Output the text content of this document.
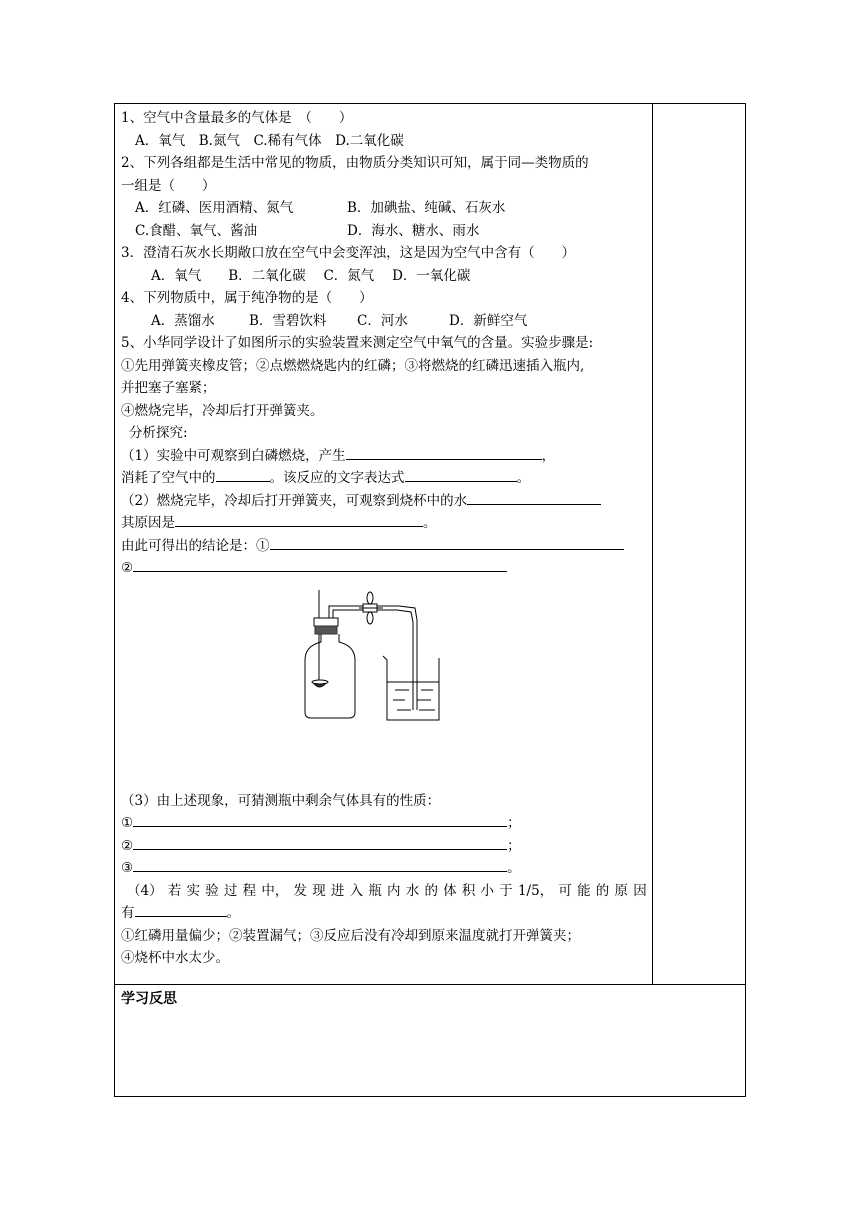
1、空气中含量最多的气体是　（　　）
A．氧气　B.氮气　C.稀有气体　D.二氧化碳
2、下列各组都是生活中常见的物质，由物质分类知识可知，属于同—类物质的
一组是（　　）
A．红磷、医用酒精、氮气	B．加碘盐、纯碱、石灰水
C.食醋、氧气、酱油	D．海水、糖水、雨水
3．澄清石灰水长期敞口放在空气中会变浑浊，这是因为空气中含有（　　）
A．氧气　　B．二氧化碳　 C．氮气　 D．一氧化碳
4、下列物质中，属于纯净物的是（　　）
A．蒸馏水	B．雪碧饮料 C．河水	D．新鲜空气
5、小华同学设计了如图所示的实验装置来测定空气中氧气的含量。实验步骤是:
①先用弹簧夹橡皮管；②点燃燃烧匙内的红磷；③将燃烧的红磷迅速插入瓶内,
并把塞子塞紧；
④燃烧完毕，冷却后打开弹簧夹。
分析探究:
（1）实验中可观察到白磷燃烧，产生	，
消耗了空气中的	。该反应的文字表达式	。
（2）燃烧完毕，冷却后打开弹簧夹，可观察到烧杯中的水
其原因是	。
由此可得出的结论是：①
②
（3）由上述现象，可猜测瓶中剩余气体具有的性质：
①	；
②	；
③	。
（4） 若 实 验 过 程 中， 发 现 进 入 瓶 内 水 的 体 积 小 于 1/5， 可 能 的 原 因
有	。
①红磷用量偏少；②装置漏气；③反应后没有冷却到原来温度就打开弹簧夹；
④烧杯中水太少。
学习反思
